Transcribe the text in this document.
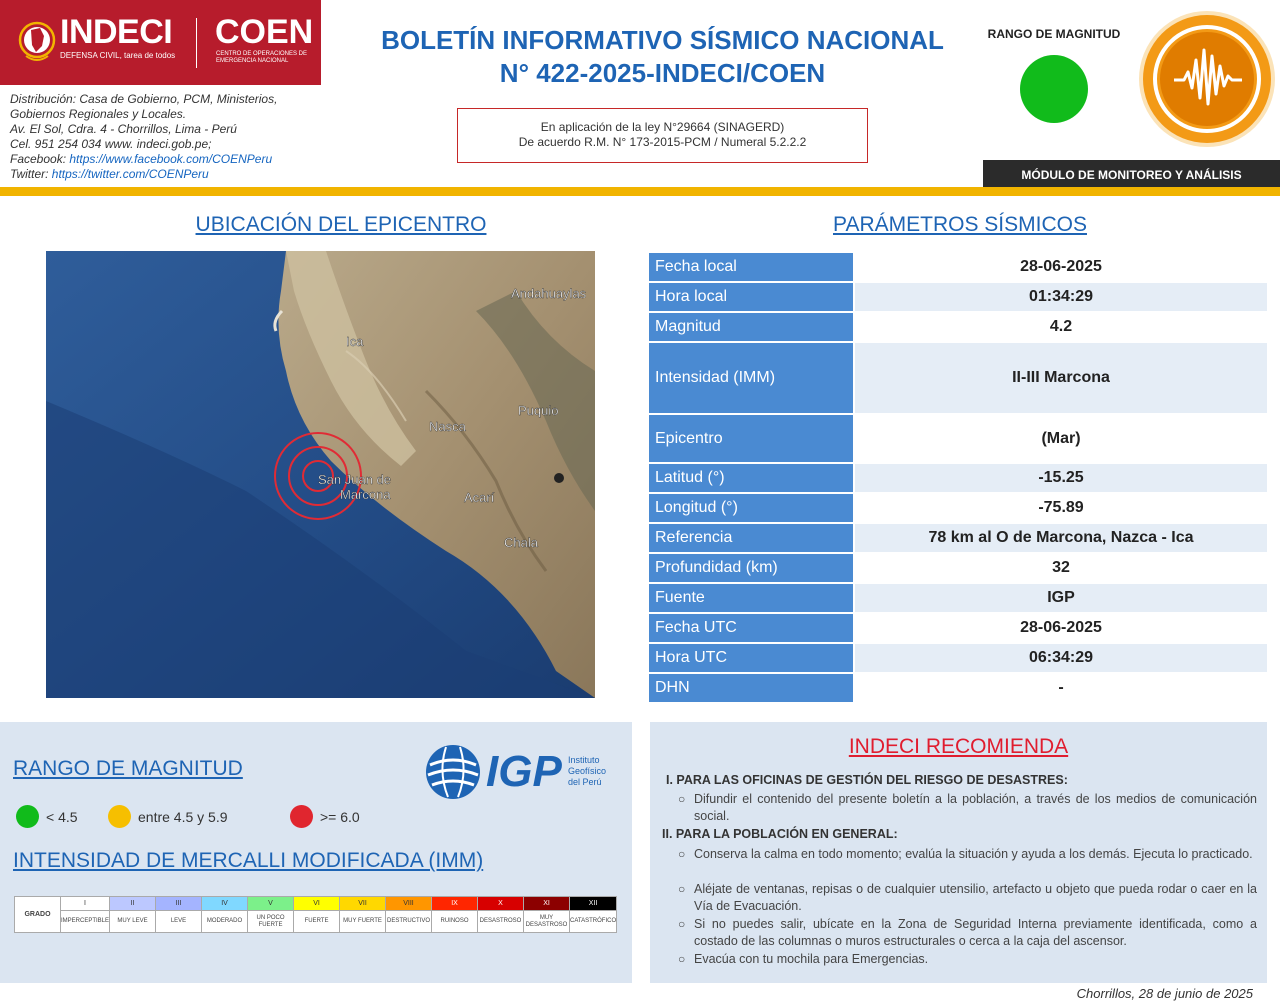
INDECI
DEFENSA CIVIL, tarea de todos
COEN
CENTRO DE OPERACIONES DE EMERGENCIA NACIONAL
Distribución: Casa de Gobierno, PCM, Ministerios,
Gobiernos Regionales y Locales.
Av. El Sol, Cdra. 4 - Chorrillos, Lima - Perú
Cel. 951 254 034 www. indeci.gob.pe;
Facebook: https://www.facebook.com/COENPeru
Twitter: https://twitter.com/COENPeru
BOLETÍN INFORMATIVO SÍSMICO NACIONAL
N° 422-2025-INDECI/COEN
En aplicación de la ley N°29664 (SINAGERD)
De acuerdo R.M. N° 173-2015-PCM / Numeral 5.2.2.2
RANGO DE MAGNITUD
MÓDULO DE MONITOREO Y ANÁLISIS
UBICACIÓN DEL EPICENTRO	PARÁMETROS SÍSMICOS
Andahuaylas
Ica
Puquio
Nasca
San Juan de
Marcona	Acarí
Chala
Fecha local	28-06-2025
Hora local	01:34:29
Magnitud	4.2
Intensidad (IMM)	II-III Marcona
Epicentro	(Mar)
Latitud (°)	-15.25
Longitud (°)	-75.89
Referencia	78 km al O de Marcona, Nazca - Ica
Profundidad (km)	32
Fuente	IGP
Fecha UTC	28-06-2025
Hora UTC	06:34:29
DHN	-
RANGO DE MAGNITUD
< 4.5	entre 4.5 y 5.9	>= 6.0
IGP Instituto
Geofísico
del Perú
INTENSIDAD DE MERCALLI MODIFICADA (IMM)
GRADO	I	II	III	IV	V	VI	VII	VIII	IX	X	XI	XII
	IMPERCEPTIBLE	MUY LEVE	LEVE	MODERADO	UN POCO FUERTE	FUERTE	MUY FUERTE	DESTRUCTIVO	RUINOSO	DESASTROSO	MUY DESASTROSO	CATASTRÓFICO
INDECI RECOMIENDA
I. PARA LAS OFICINAS DE GESTIÓN DEL RIESGO DE DESASTRES:
○ Difundir el contenido del presente boletín a la población, a través de los medios de comunicación social.
II. PARA LA POBLACIÓN EN GENERAL:
○ Conserva la calma en todo momento; evalúa la situación y ayuda a los demás. Ejecuta lo practicado.
○ Aléjate de ventanas, repisas o de cualquier utensilio, artefacto u objeto que pueda rodar o caer en la Vía de Evacuación.
○ Si no puedes salir, ubícate en la Zona de Seguridad Interna previamente identificada, como a costado de las columnas o muros estructurales o cerca a la caja del ascensor.
○ Evacúa con tu mochila para Emergencias.
Chorrillos, 28 de junio de 2025
